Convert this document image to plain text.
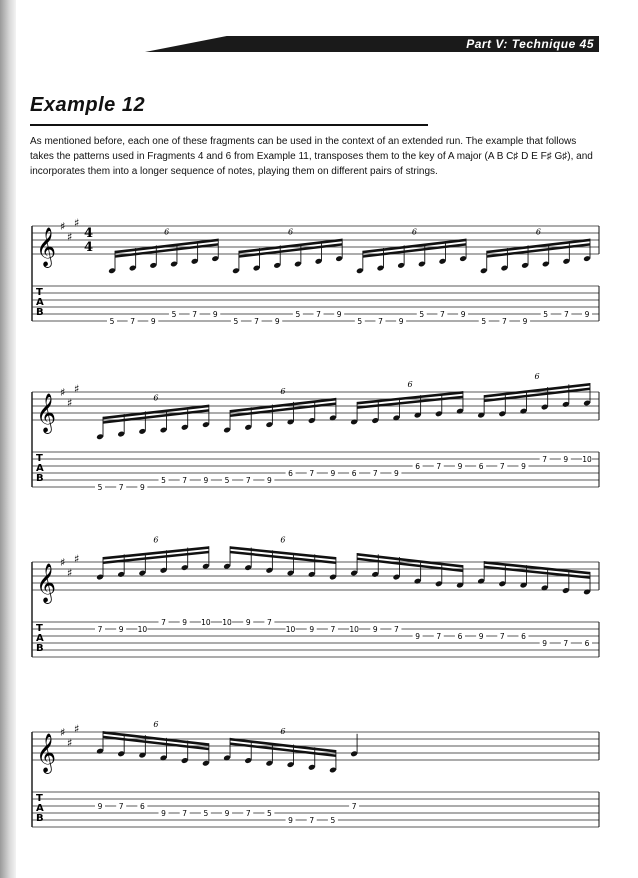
Part V: Technique 45
Example 12
As mentioned before, each one of these fragments can be used in the context of an extended run. The example that follows takes the patterns used in Fragments 4 and 6 from Example 11, transposes them to the key of A major (A B C♯ D E F♯ G♯), and incorporates them into a longer sequence of notes, playing them on different pairs of strings.
𝄞
♯
♯
♯
4
4
T
A
B
5 7 9
5 7 9
5 7 9
5 7 9
5 7 9
5 7 9
5 7 9
5 7 9
6	6	6	6
𝄞
♯
♯
♯
T
A
B
5 7 9
5 7 9 5 7 9
6 7 9 6 7 9
6 7 9 6 7 9
7 9 10
6
6
6
6
𝄞
♯
♯
♯
T
A
B
7 9 10
7 9 10 10 9 7
10 9 7 10 9 7
9 7 6 9 7 6
9 7 6
6	6
𝄞
♯
♯
♯
T
A
B
9 7 6
9 7 5 9 7 5
9 7 5
7
6
6
